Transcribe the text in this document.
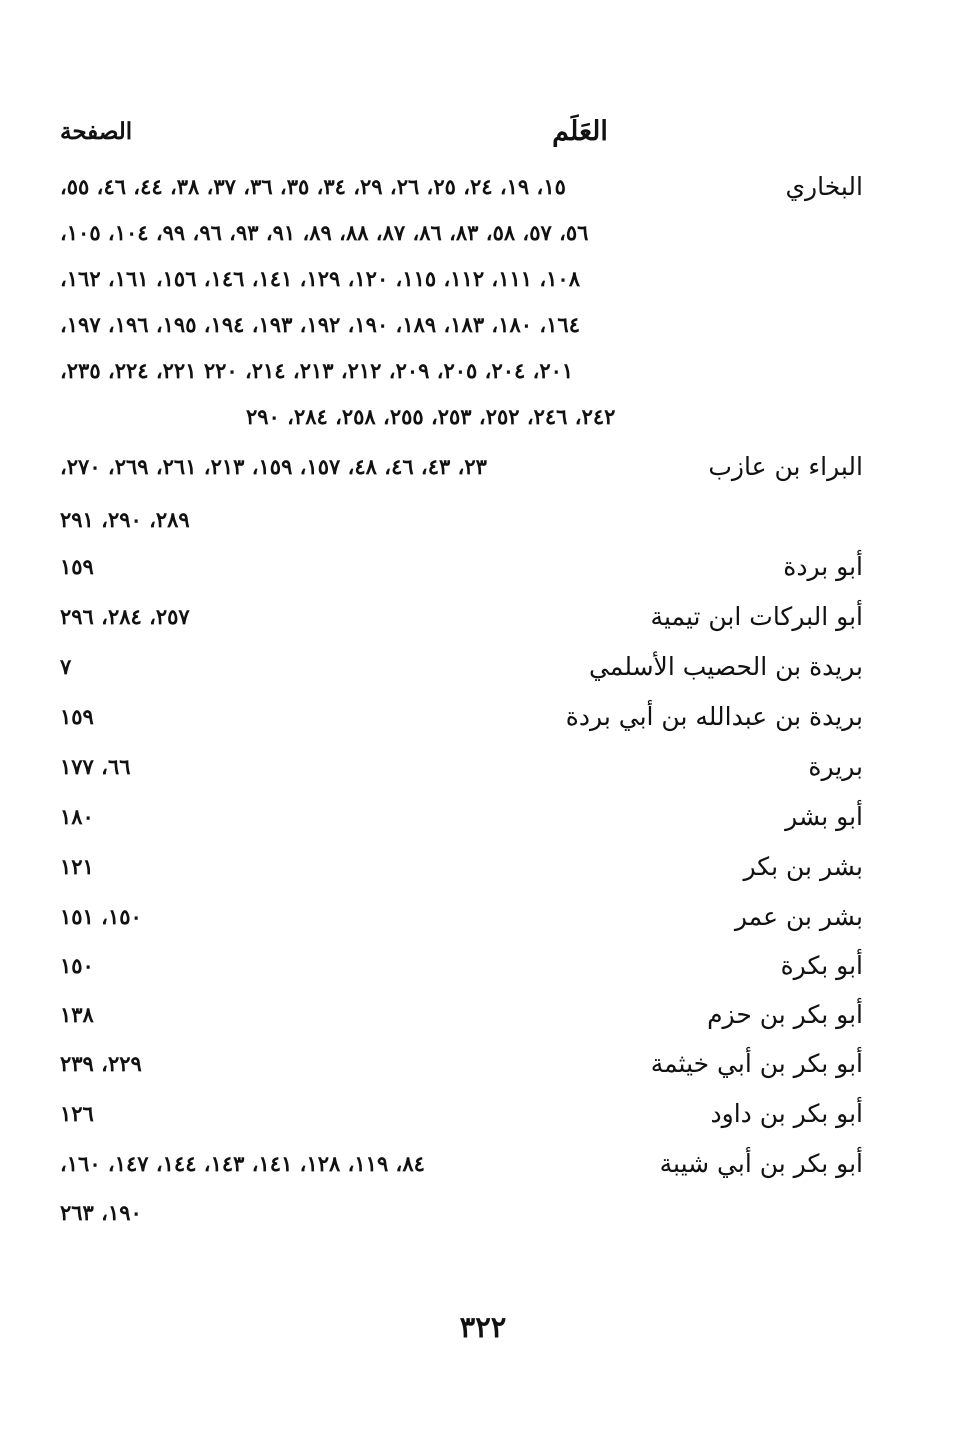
العَلَم
الصفحة
البخاري
١٥، ١٩، ٢٤، ٢٥، ٢٦، ٢٩، ٣٤، ٣٥، ٣٦، ٣٧، ٣٨، ٤٤، ٤٦، ٥٥،
٥٦، ٥٧، ٥٨، ٨٣، ٨٦، ٨٧، ٨٨، ٨٩، ٩١، ٩٣، ٩٦، ٩٩، ١٠٤، ١٠٥،
١٠٨، ١١١، ١١٢، ١١٥، ١٢٠، ١٢٩، ١٤١، ١٤٦، ١٥٦، ١٦١، ١٦٢،
١٦٤، ١٨٠، ١٨٣، ١٨٩، ١٩٠، ١٩٢، ١٩٣، ١٩٤، ١٩٥، ١٩٦، ١٩٧،
٢٠١، ٢٠٤، ٢٠٥، ٢٠٩، ٢١٢، ٢١٣، ٢١٤، ٢٢٠ ٢٢١، ٢٢٤، ٢٣٥،
٢٤٢، ٢٤٦، ٢٥٢، ٢٥٣، ٢٥٥، ٢٥٨، ٢٨٤، ٢٩٠
البراء بن عازب
٢٣، ٤٣، ٤٦، ٤٨، ١٥٧، ١٥٩، ٢١٣، ٢٦١، ٢٦٩، ٢٧٠،
٢٨٩، ٢٩٠، ٢٩١
أبو بردة
١٥٩
أبو البركات ابن تيمية
٢٥٧، ٢٨٤، ٢٩٦
بريدة بن الحصيب الأسلمي
٧
بريدة بن عبدالله بن أبي بردة
١٥٩
بريرة
٦٦، ١٧٧
أبو بشر
١٨٠
بشر بن بكر
١٢١
بشر بن عمر
١٥٠، ١٥١
أبو بكرة
١٥٠
أبو بكر بن حزم
١٣٨
أبو بكر بن أبي خيثمة
٢٢٩، ٢٣٩
أبو بكر بن داود
١٢٦
أبو بكر بن أبي شيبة
٨٤، ١١٩، ١٢٨، ١٤١، ١٤٣، ١٤٤، ١٤٧، ١٦٠،
١٩٠، ٢٦٣
٣٢٢
